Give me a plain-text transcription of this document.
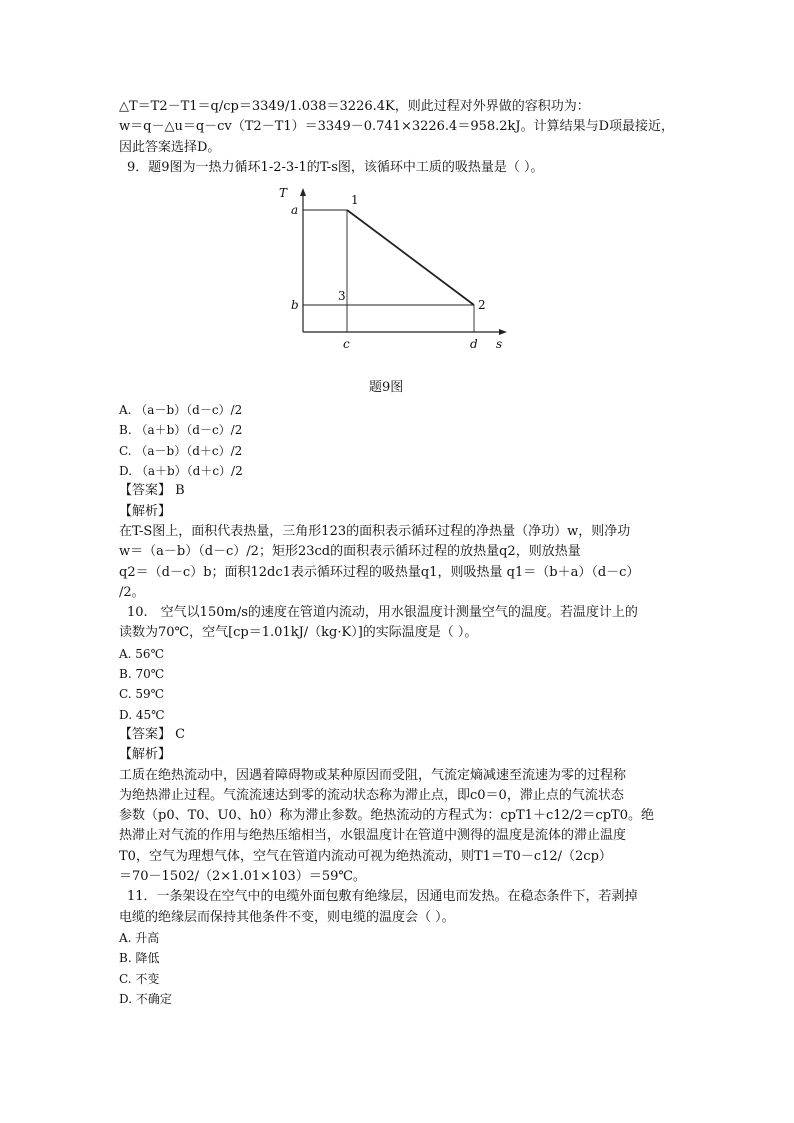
△T＝T2－T1＝q/cp＝3349/1.038＝3226.4K，则此过程对外界做的容积功为：
w＝q－△u＝q－cv（T2－T1）＝3349－0.741×3226.4＝958.2kJ。计算结果与D项最接近，
因此答案选择D。
9．题9图为一热力循环1-2-3-1的T-s图，该循环中工质的吸热量是（ ）。
T
a
b
c	d s
1
2
3
题9图
A. （a－b）（d－c）/2
B. （a＋b）（d－c）/2
C. （a－b）（d＋c）/2
D. （a＋b）（d＋c）/2
【答案】 B
【解析】
在T-S图上，面积代表热量，三角形123的面积表示循环过程的净热量（净功）w，则净功
w＝（a－b）（d－c）/2；矩形23cd的面积表示循环过程的放热量q2，则放热量
q2＝（d－c）b；面积12dc1表示循环过程的吸热量q1，则吸热量 q1＝（b＋a）（d－c）
/2。
10.　空气以150m/s的速度在管道内流动，用水银温度计测量空气的温度。若温度计上的
读数为70℃，空气[cp＝1.01kJ/（kg·K）]的实际温度是（ ）。
A. 56℃
B. 70℃
C. 59℃
D. 45℃
【答案】 C
【解析】
工质在绝热流动中，因遇着障碍物或某种原因而受阻，气流定熵减速至流速为零的过程称
为绝热滞止过程。气流流速达到零的流动状态称为滞止点，即c0＝0，滞止点的气流状态
参数（p0、T0、U0、h0）称为滞止参数。绝热流动的方程式为：cpT1＋c12/2＝cpT0。绝
热滞止对气流的作用与绝热压缩相当，水银温度计在管道中测得的温度是流体的滞止温度
T0，空气为理想气体，空气在管道内流动可视为绝热流动，则T1＝T0－c12/（2cp）
＝70－1502/（2×1.01×103）＝59℃。
11．一条架设在空气中的电缆外面包敷有绝缘层，因通电而发热。在稳态条件下，若剥掉
电缆的绝缘层而保持其他条件不变，则电缆的温度会（ ）。
A. 升高
B. 降低
C. 不变
D. 不确定
